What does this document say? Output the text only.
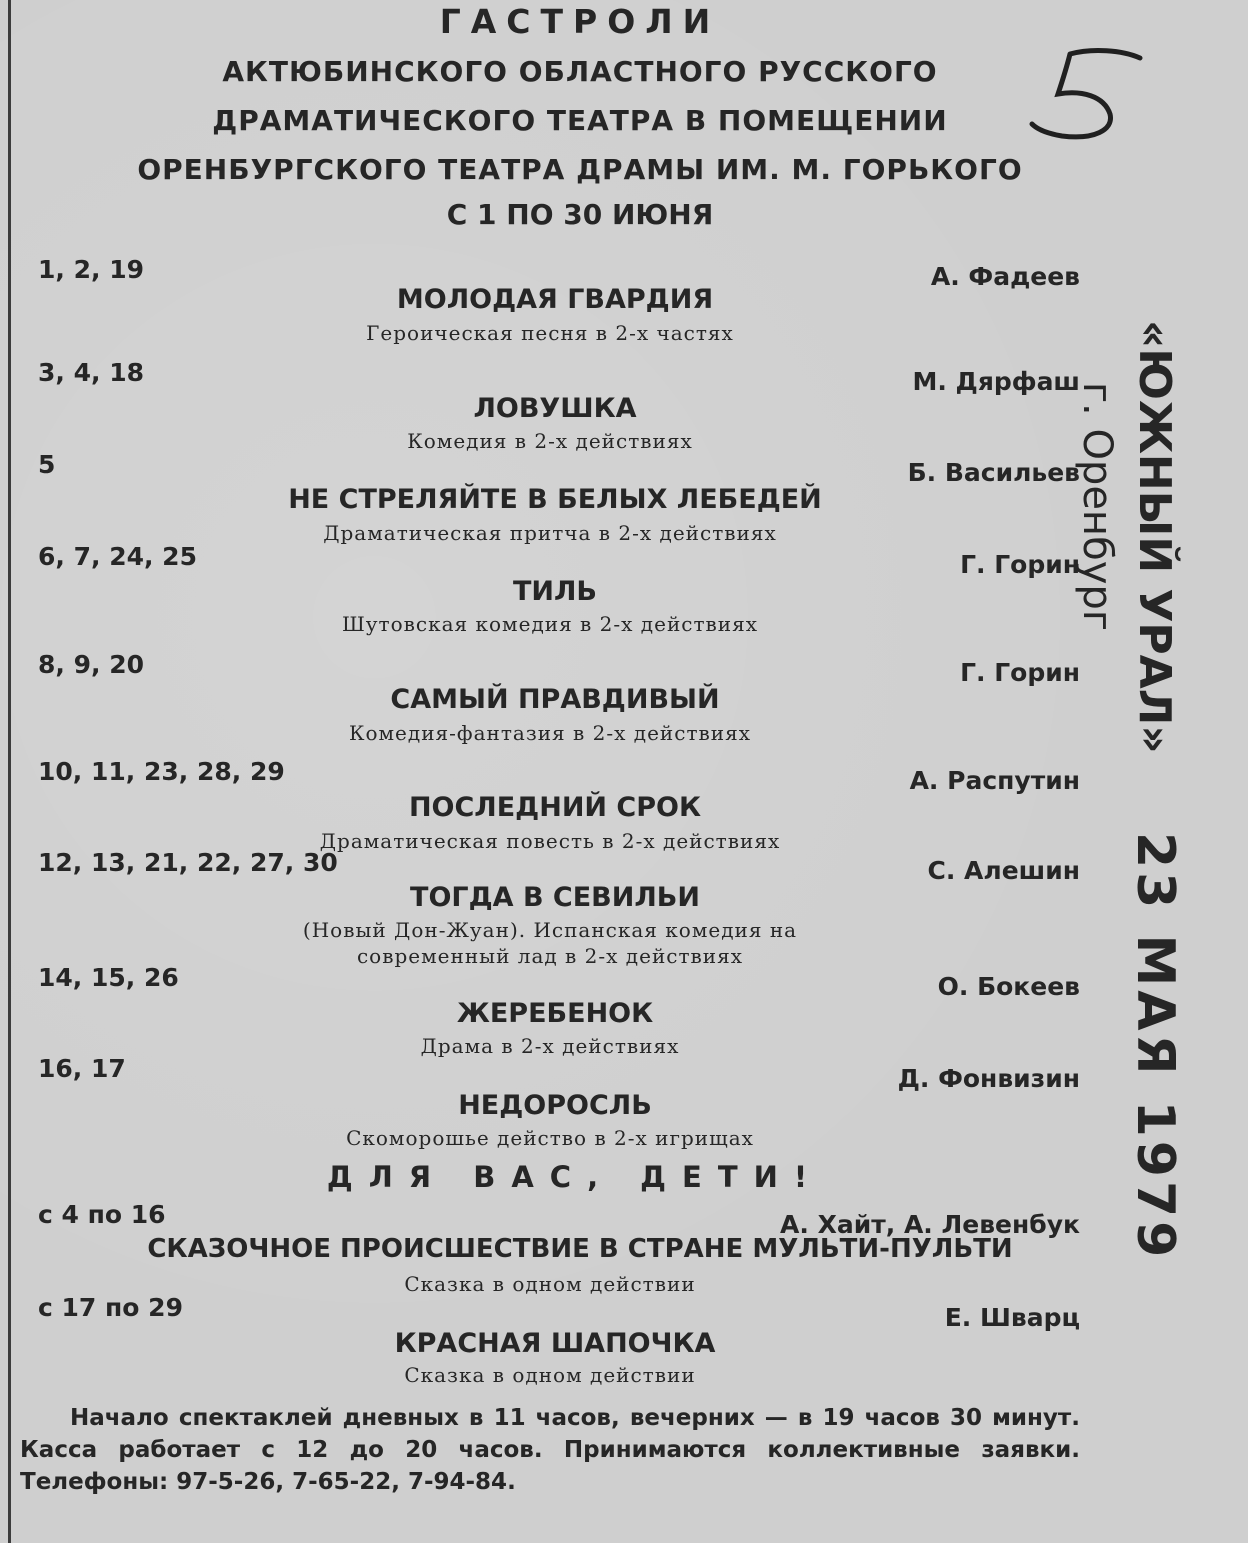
ГАСТРОЛИ
АКТЮБИНСКОГО ОБЛАСТНОГО РУССКОГО
ДРАМАТИЧЕСКОГО ТЕАТРА В ПОМЕЩЕНИИ
ОРЕНБУРГСКОГО ТЕАТРА ДРАМЫ ИМ. М. ГОРЬКОГО
С 1 ПО 30 ИЮНЯ
1, 2, 19	А. Фадеев
МОЛОДАЯ ГВАРДИЯ
Героическая песня в 2-х частях
3, 4, 18	М. Дярфаш
ЛОВУШКА
Комедия в 2-х действиях
5	Б. Васильев
НЕ СТРЕЛЯЙТЕ В БЕЛЫХ ЛЕБЕДЕЙ
Драматическая притча в 2-х действиях
6, 7, 24, 25	Г. Горин
ТИЛЬ
Шутовская комедия в 2-х действиях
8, 9, 20	Г. Горин
САМЫЙ ПРАВДИВЫЙ
Комедия-фантазия в 2-х действиях
10, 11, 23, 28, 29	А. Распутин
ПОСЛЕДНИЙ СРОК
Драматическая повесть в 2-х действиях
12, 13, 21, 22, 27, 30	С. Алешин
ТОГДА В СЕВИЛЬИ
(Новый Дон-Жуан). Испанская комедия на
современный лад в 2-х действиях
14, 15, 26	О. Бокеев
ЖЕРЕБЕНОК
Драма в 2-х действиях
16, 17	Д. Фонвизин
НЕДОРОСЛЬ
Скоморошье действо в 2-х игрищах
ДЛЯ ВАС, ДЕТИ!
с 4 по 16	А. Хайт, А. Левенбук
СКАЗОЧНОЕ ПРОИСШЕСТВИЕ В СТРАНЕ МУЛЬТИ-ПУЛЬТИ
Сказка в одном действии
с 17 по 29	Е. Шварц
КРАСНАЯ ШАПОЧКА
Сказка в одном действии
Начало спектаклей дневных в 11 часов, вечерних — в 19 часов 30 минут. Касса работает с 12 до 20 часов. Принимаются коллективные заявки. Телефоны: 97-5-26, 7-65-22, 7-94-84.
«ЮЖНЫЙ УРАЛ»
г. Оренбург
23 МАЯ 1979
